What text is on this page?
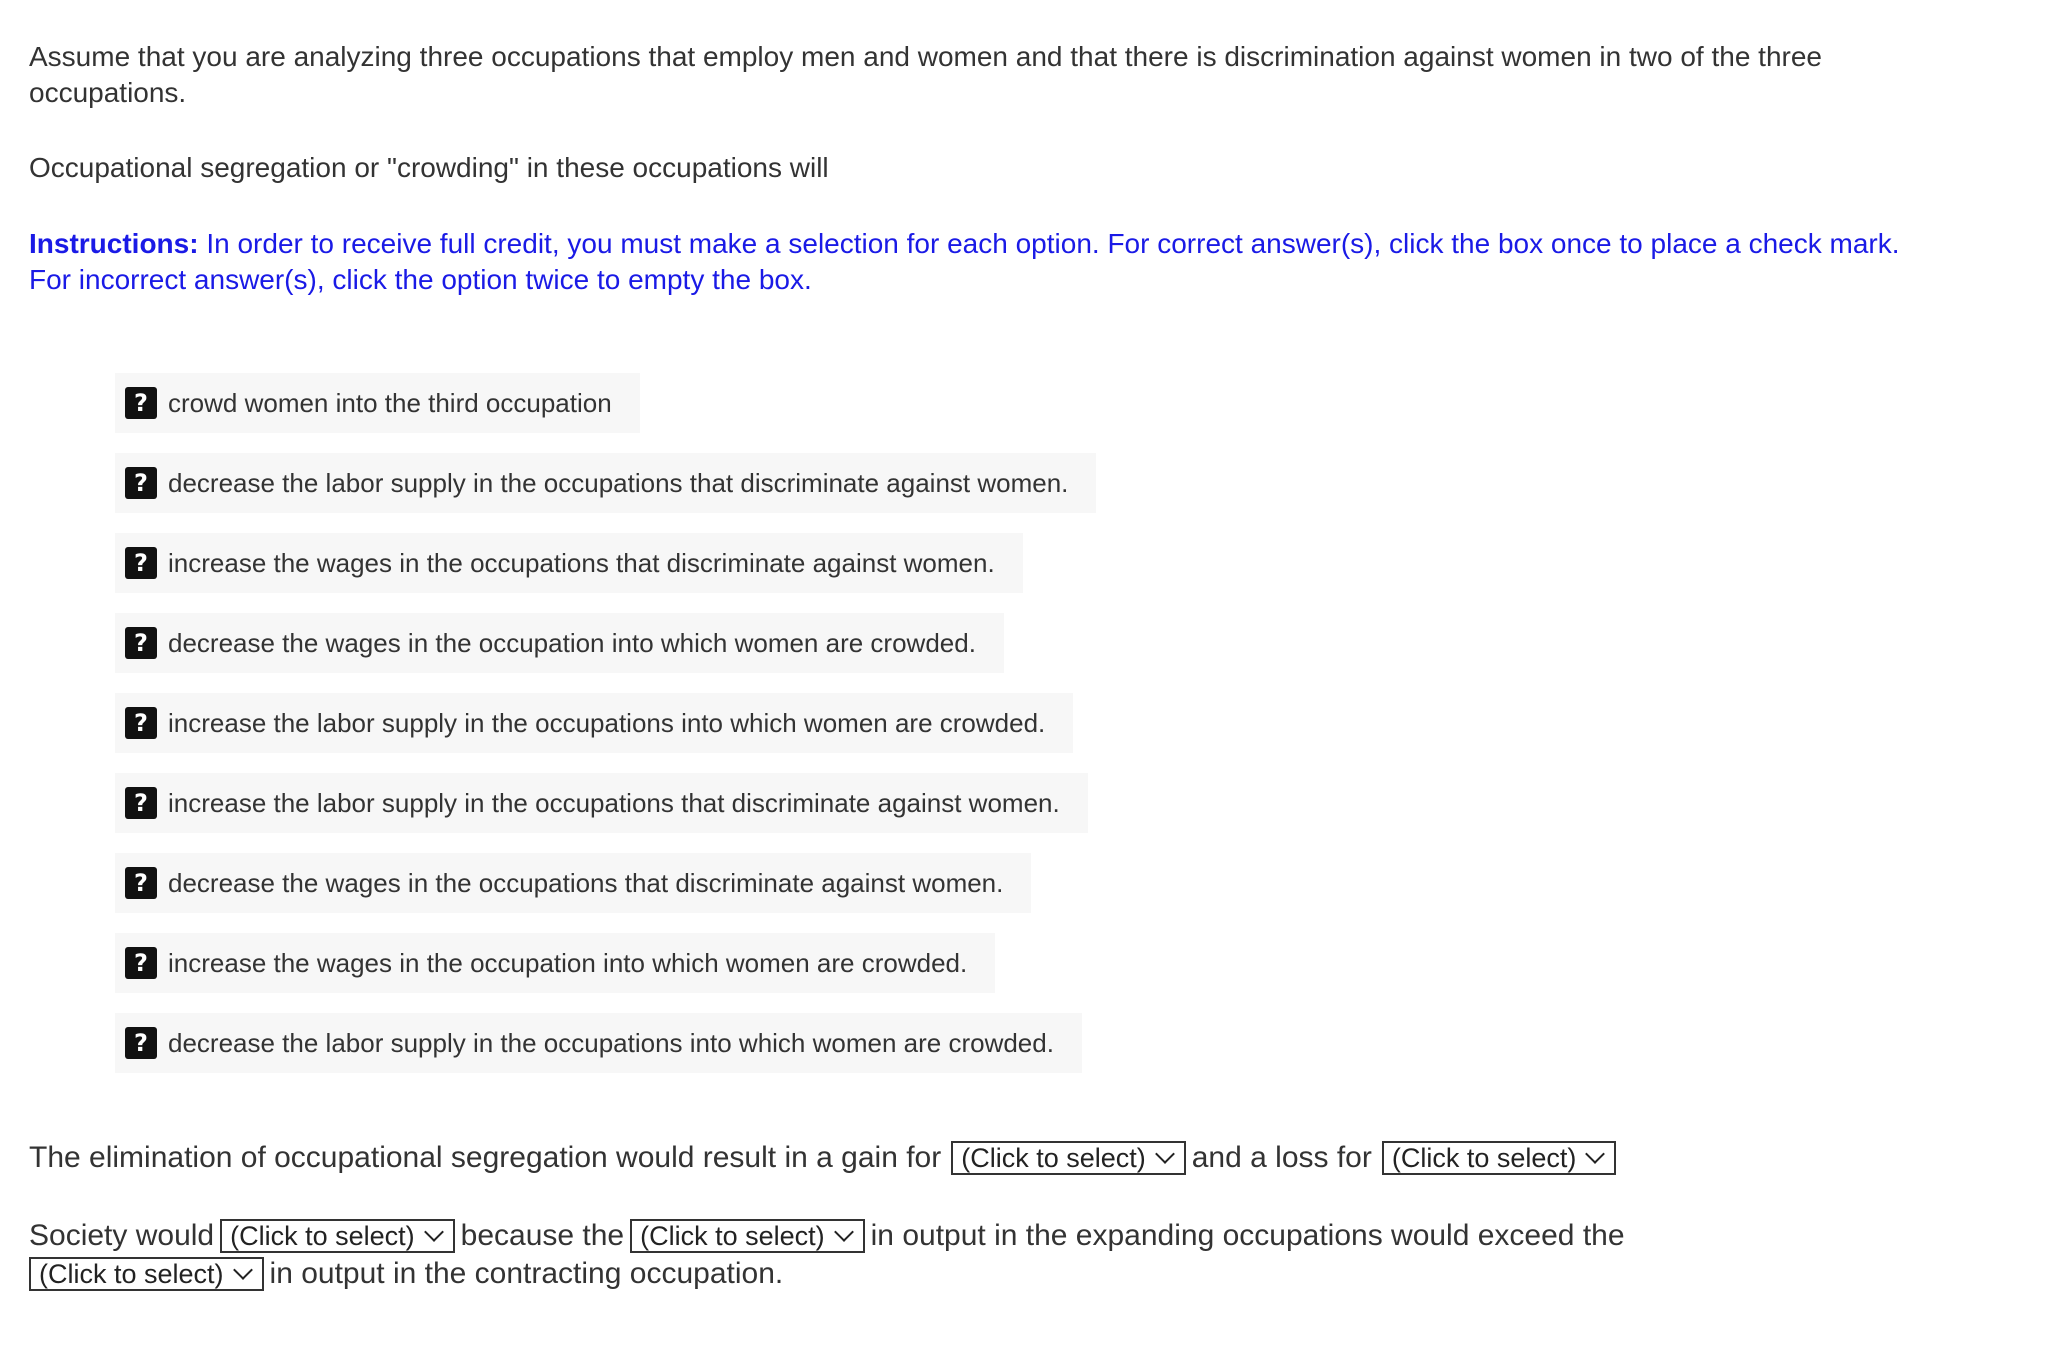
Assume that you are analyzing three occupations that employ men and women and that there is discrimination against women in two of the three occupations.

Occupational segregation or "crowding" in these occupations will

Instructions: In order to receive full credit, you must make a selection for each option. For correct answer(s), click the box once to place a check mark. For incorrect answer(s), click the option twice to empty the box.

? crowd women into the third occupation
? decrease the labor supply in the occupations that discriminate against women.
? increase the wages in the occupations that discriminate against women.
? decrease the wages in the occupation into which women are crowded.
? increase the labor supply in the occupations into which women are crowded.
? increase the labor supply in the occupations that discriminate against women.
? decrease the wages in the occupations that discriminate against women.
? increase the wages in the occupation into which women are crowded.
? decrease the labor supply in the occupations into which women are crowded.
The elimination of occupational segregation would result in a gain for (Click to select) and a loss for (Click to select)
Society would (Click to select) because the (Click to select) in output in the expanding occupations would exceed the
(Click to select) in output in the contracting occupation.
